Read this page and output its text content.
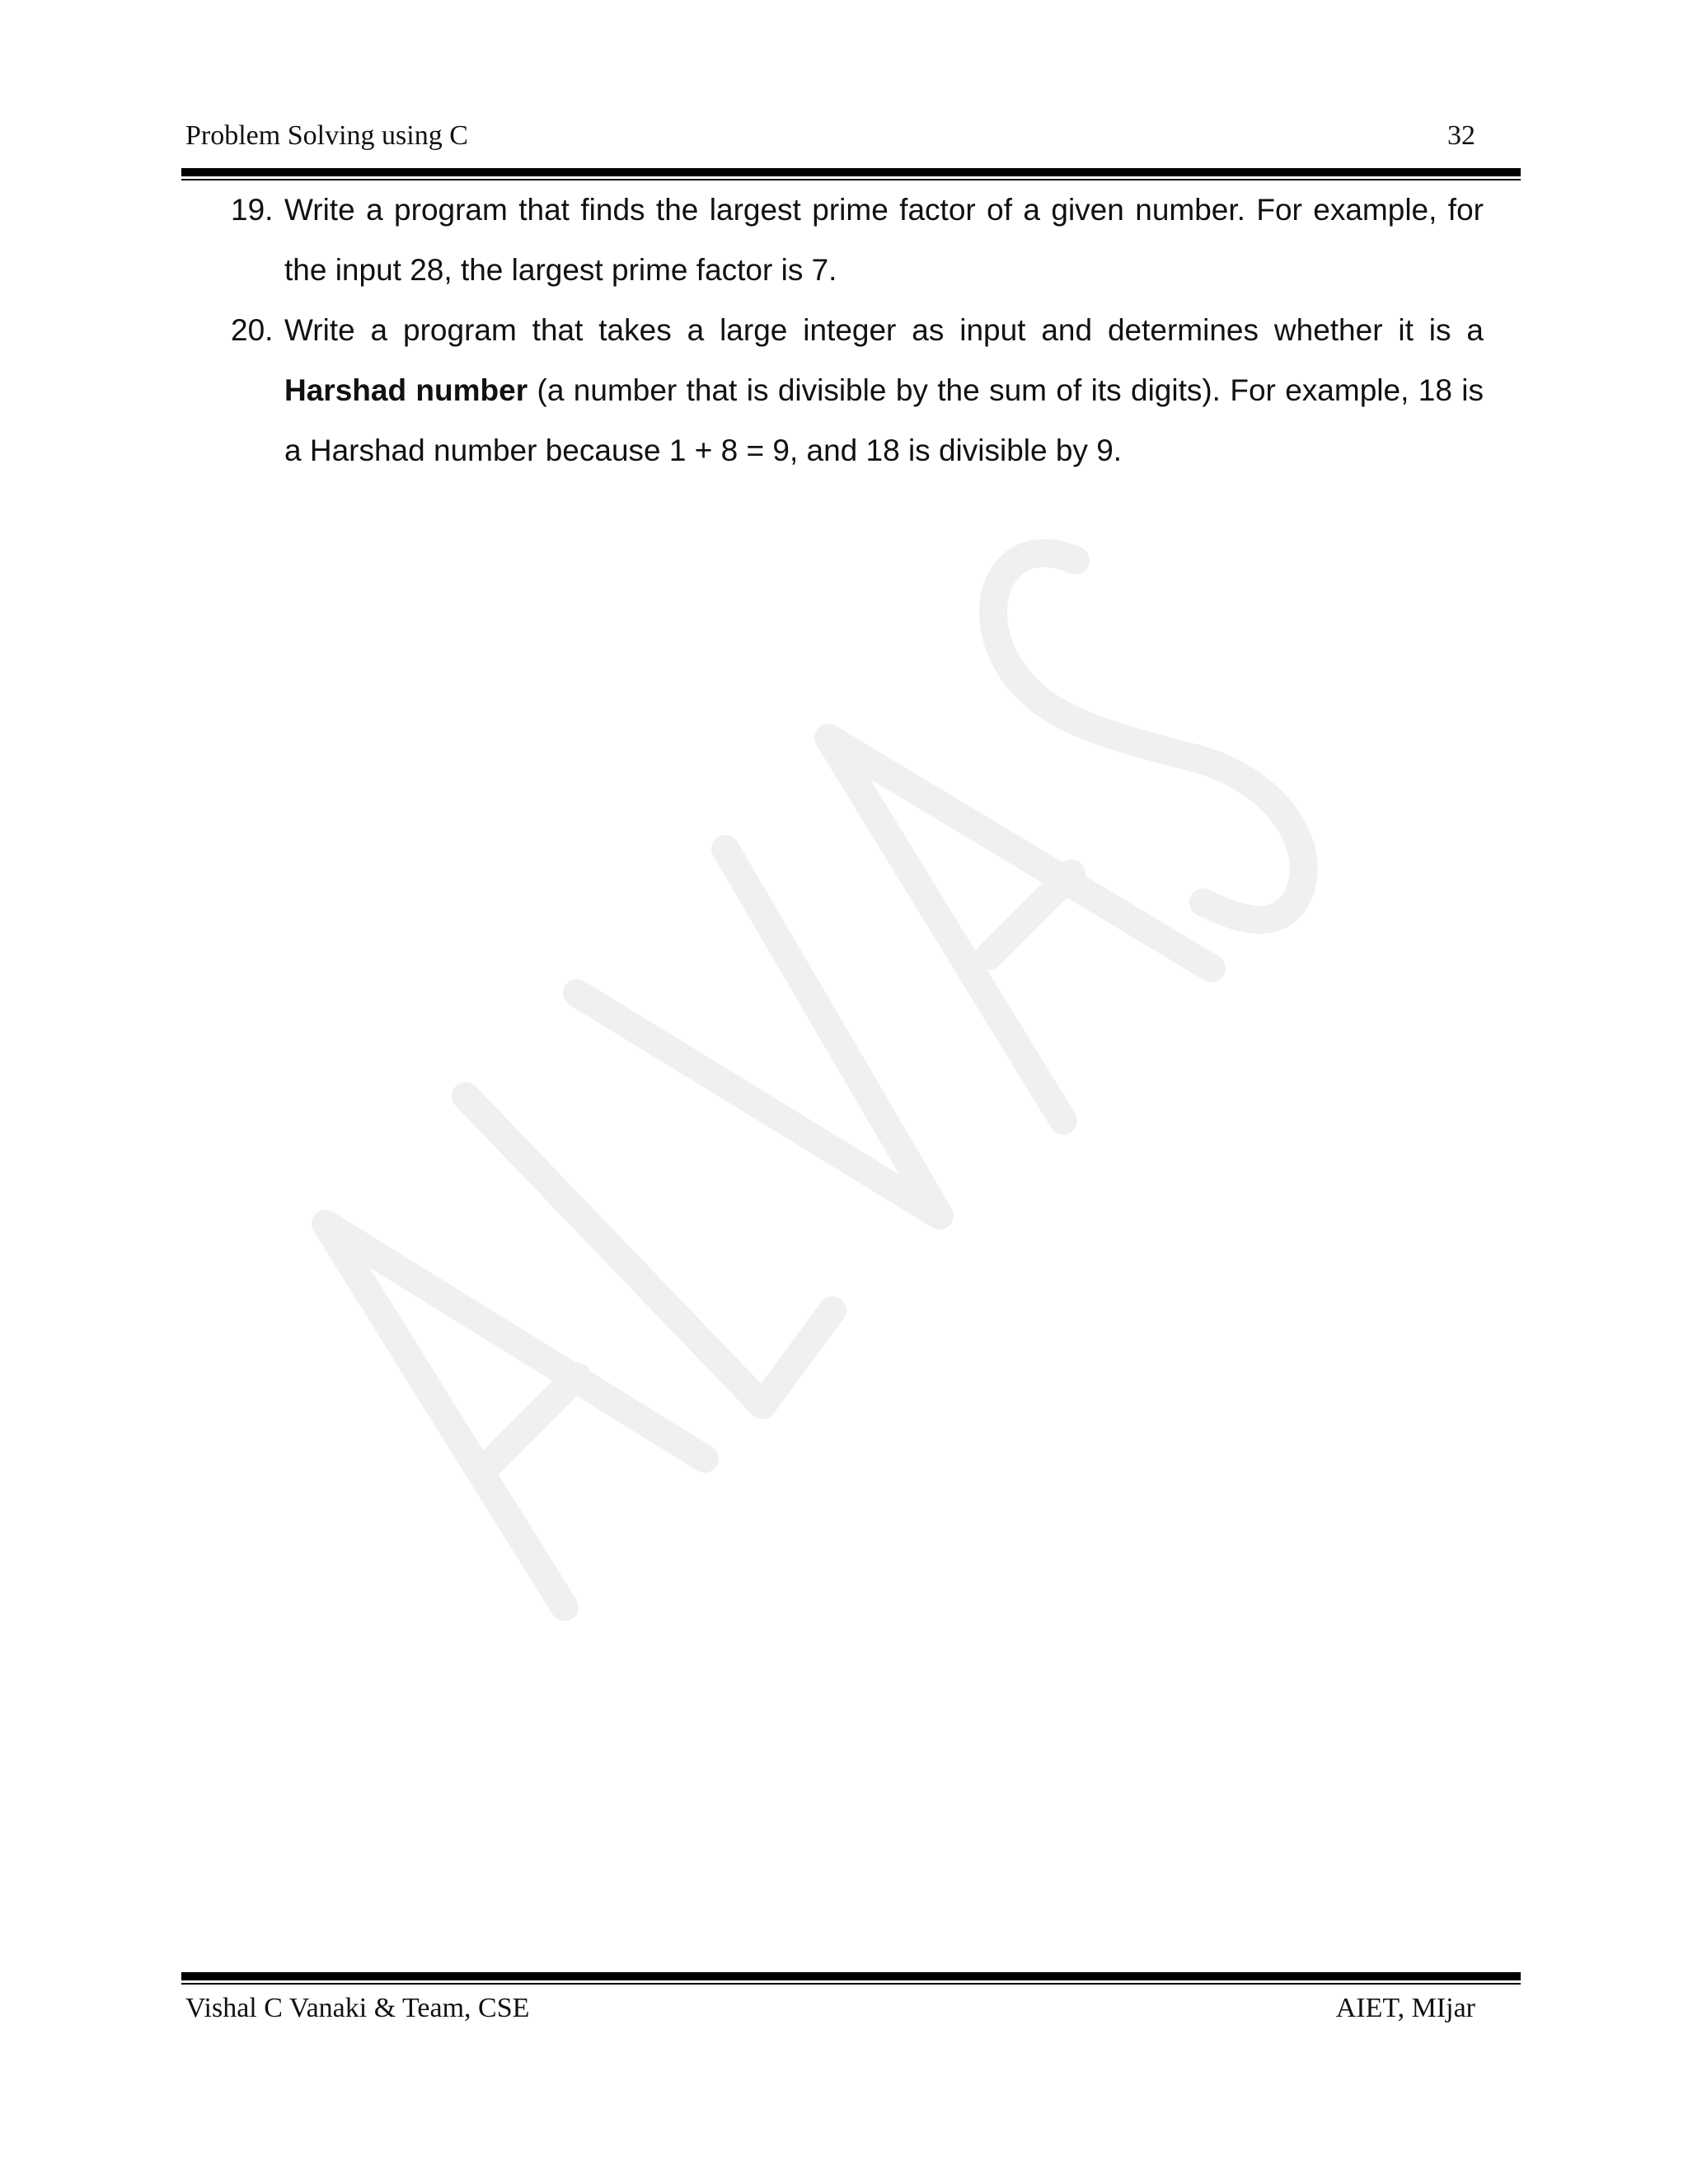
Problem Solving using C	32
19. Write a program that finds the largest prime factor of a given number. For example, for the input 28, the largest prime factor is 7.
20. Write a program that takes a large integer as input and determines whether it is a Harshad number (a number that is divisible by the sum of its digits). For example, 18 is a Harshad number because 1 + 8 = 9, and 18 is divisible by 9.
Vishal C Vanaki & Team, CSE	AIET, MIjar
